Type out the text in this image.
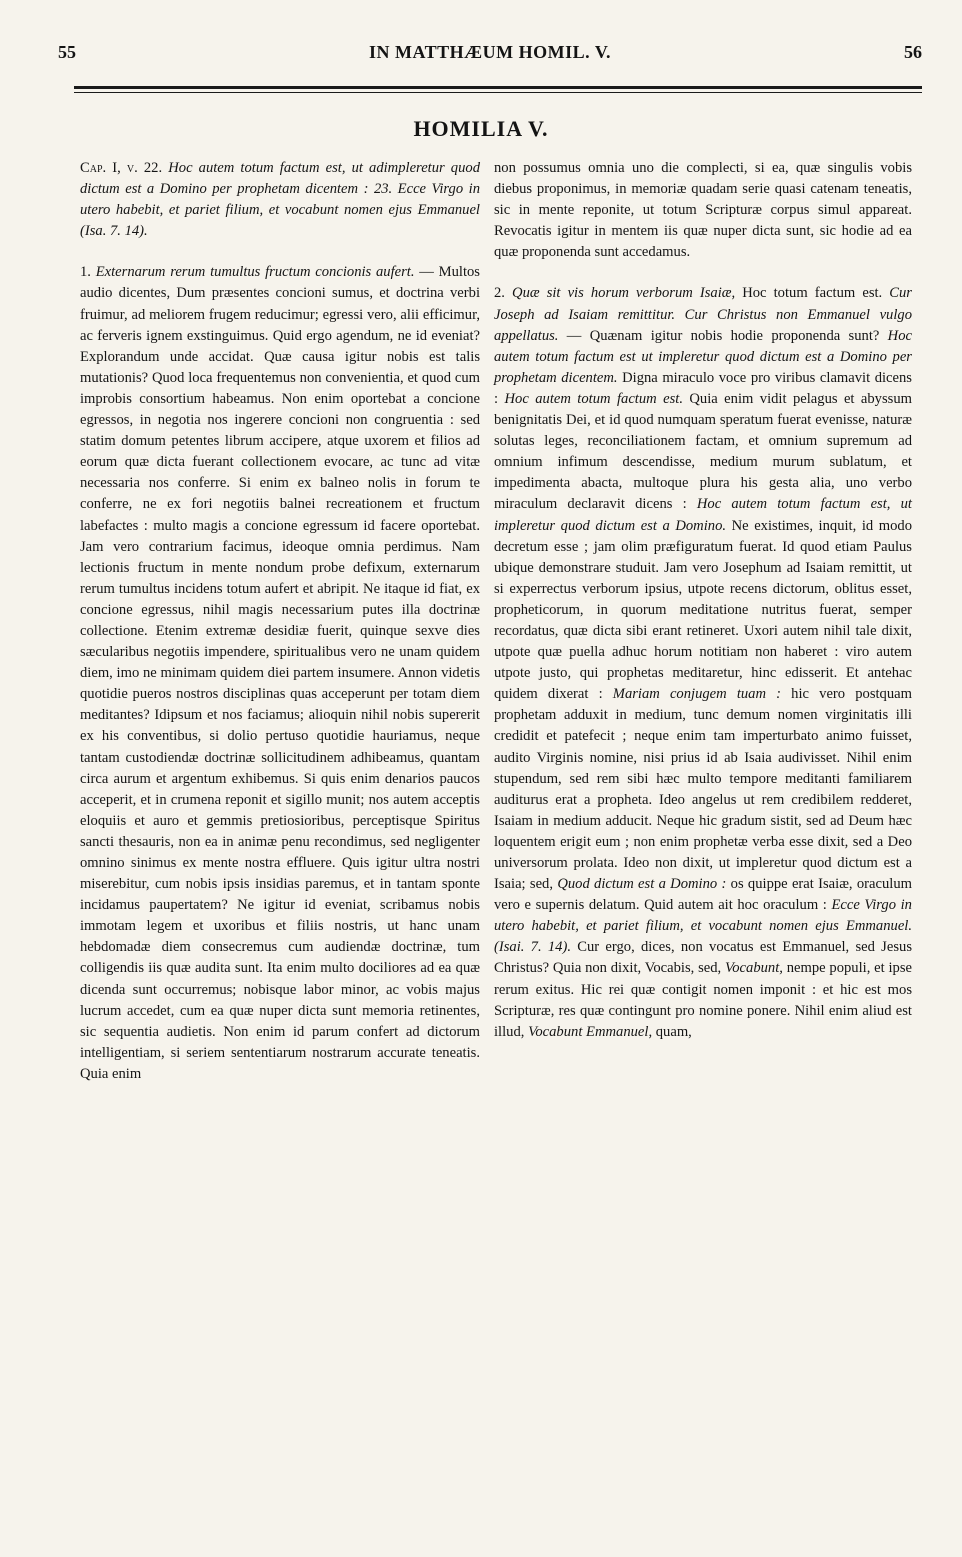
55	IN MATTHÆUM HOMIL. V.	56
HOMILIA V.

Cap. I, v. 22. Hoc autem totum factum est, ut adimpleretur quod dictum est a Domino per prophetam dicentem : 23. Ecce Virgo in utero habebit, et pariet filium, et vocabunt nomen ejus Emmanuel (Isa. 7. 14).

1. Externarum rerum tumultus fructum concionis aufert. — Multos audio dicentes, Dum præsentes concioni sumus, et doctrina verbi fruimur, ad meliorem frugem reducimur; egressi vero, alii efficimur, ac ferveris ignem exstinguimus. Quid ergo agendum, ne id eveniat? Explorandum unde accidat. Quæ causa igitur nobis est talis mutationis? Quod loca frequentemus non convenientia, et quod cum improbis consortium habeamus. Non enim oportebat a concione egressos, in negotia nos ingerere concioni non congruentia : sed statim domum petentes librum accipere, atque uxorem et filios ad eorum quæ dicta fuerant collectionem evocare, ac tunc ad vitæ necessaria nos conferre. Si enim ex balneo nolis in forum te conferre, ne ex fori negotiis balnei recreationem et fructum labefactes : multo magis a concione egressum id facere oportebat. Jam vero contrarium facimus, ideoque omnia perdimus. Nam lectionis fructum in mente nondum probe defixum, externarum rerum tumultus incidens totum aufert et abripit. Ne itaque id fiat, ex concione egressus, nihil magis necessarium putes illa doctrinæ collectione. Etenim extremæ desidiæ fuerit, quinque sexve dies sæcularibus negotiis impendere, spiritualibus vero ne unam quidem diem, imo ne minimam quidem diei partem insumere. Annon videtis quotidie pueros nostros disciplinas quas acceperunt per totam diem meditantes? Idipsum et nos faciamus; alioquin nihil nobis supererit ex his conventibus, si dolio pertuso quotidie hauriamus, neque tantam custodiendæ doctrinæ sollicitudinem adhibeamus, quantam circa aurum et argentum exhibemus. Si quis enim denarios paucos acceperit, et in crumena reponit et sigillo munit; nos autem acceptis eloquiis et auro et gemmis pretiosioribus, perceptisque Spiritus sancti thesauris, non ea in animæ penu recondimus, sed negligenter omnino sinimus ex mente nostra effluere. Quis igitur ultra nostri miserebitur, cum nobis ipsis insidias paremus, et in tantam sponte incidamus paupertatem? Ne igitur id eveniat, scribamus nobis immotam legem et uxoribus et filiis nostris, ut hanc unam hebdomadæ diem consecremus cum audiendæ doctrinæ, tum colligendis iis quæ audita sunt. Ita enim multo dociliores ad ea quæ dicenda sunt occurremus; nobisque labor minor, ac vobis majus lucrum accedet, cum ea quæ nuper dicta sunt memoria retinentes, sic sequentia audietis. Non enim id parum confert ad dictorum intelligentiam, si seriem sententiarum nostrarum accurate teneatis. Quia enim

non possumus omnia uno die complecti, si ea, quæ singulis vobis diebus proponimus, in memoriæ quadam serie quasi catenam teneatis, sic in mente reponite, ut totum Scripturæ corpus simul appareat. Revocatis igitur in mentem iis quæ nuper dicta sunt, sic hodie ad ea quæ proponenda sunt accedamus.

2. Quæ sit vis horum verborum Isaiæ, Hoc totum factum est. Cur Joseph ad Isaiam remittitur. Cur Christus non Emmanuel vulgo appellatus. — Quænam igitur nobis hodie proponenda sunt? Hoc autem totum factum est ut impleretur quod dictum est a Domino per prophetam dicentem. Digna miraculo voce pro viribus clamavit dicens : Hoc autem totum factum est. Quia enim vidit pelagus et abyssum benignitatis Dei, et id quod numquam speratum fuerat evenisse, naturæ solutas leges, reconciliationem factam, et omnium supremum ad omnium infimum descendisse, medium murum sublatum, et impedimenta abacta, multoque plura his gesta alia, uno verbo miraculum declaravit dicens : Hoc autem totum factum est, ut impleretur quod dictum est a Domino. Ne existimes, inquit, id modo decretum esse ; jam olim præfiguratum fuerat. Id quod etiam Paulus ubique demonstrare studuit. Jam vero Josephum ad Isaiam remittit, ut si experrectus verborum ipsius, utpote recens dictorum, oblitus esset, propheticorum, in quorum meditatione nutritus fuerat, semper recordatus, quæ dicta sibi erant retineret. Uxori autem nihil tale dixit, utpote quæ puella adhuc horum notitiam non haberet : viro autem utpote justo, qui prophetas meditaretur, hinc edisserit. Et antehac quidem dixerat : Mariam conjugem tuam : hic vero postquam prophetam adduxit in medium, tunc demum nomen virginitatis illi credidit et patefecit ; neque enim tam imperturbato animo fuisset, audito Virginis nomine, nisi prius id ab Isaia audivisset. Nihil enim stupendum, sed rem sibi hæc multo tempore meditanti familiarem auditurus erat a propheta. Ideo angelus ut rem credibilem redderet, Isaiam in medium adducit. Neque hic gradum sistit, sed ad Deum hæc loquentem erigit eum ; non enim prophetæ verba esse dixit, sed a Deo universorum prolata. Ideo non dixit, ut impleretur quod dictum est a Isaia; sed, Quod dictum est a Domino : os quippe erat Isaiæ, oraculum vero e supernis delatum. Quid autem ait hoc oraculum : Ecce Virgo in utero habebit, et pariet filium, et vocabunt nomen ejus Emmanuel. (Isai. 7. 14). Cur ergo, dices, non vocatus est Emmanuel, sed Jesus Christus? Quia non dixit, Vocabis, sed, Vocabunt, nempe populi, et ipse rerum exitus. Hic rei quæ contigit nomen imponit : et hic est mos Scripturæ, res quæ contingunt pro nomine ponere. Nihil enim aliud est illud, Vocabunt Emmanuel, quam,
